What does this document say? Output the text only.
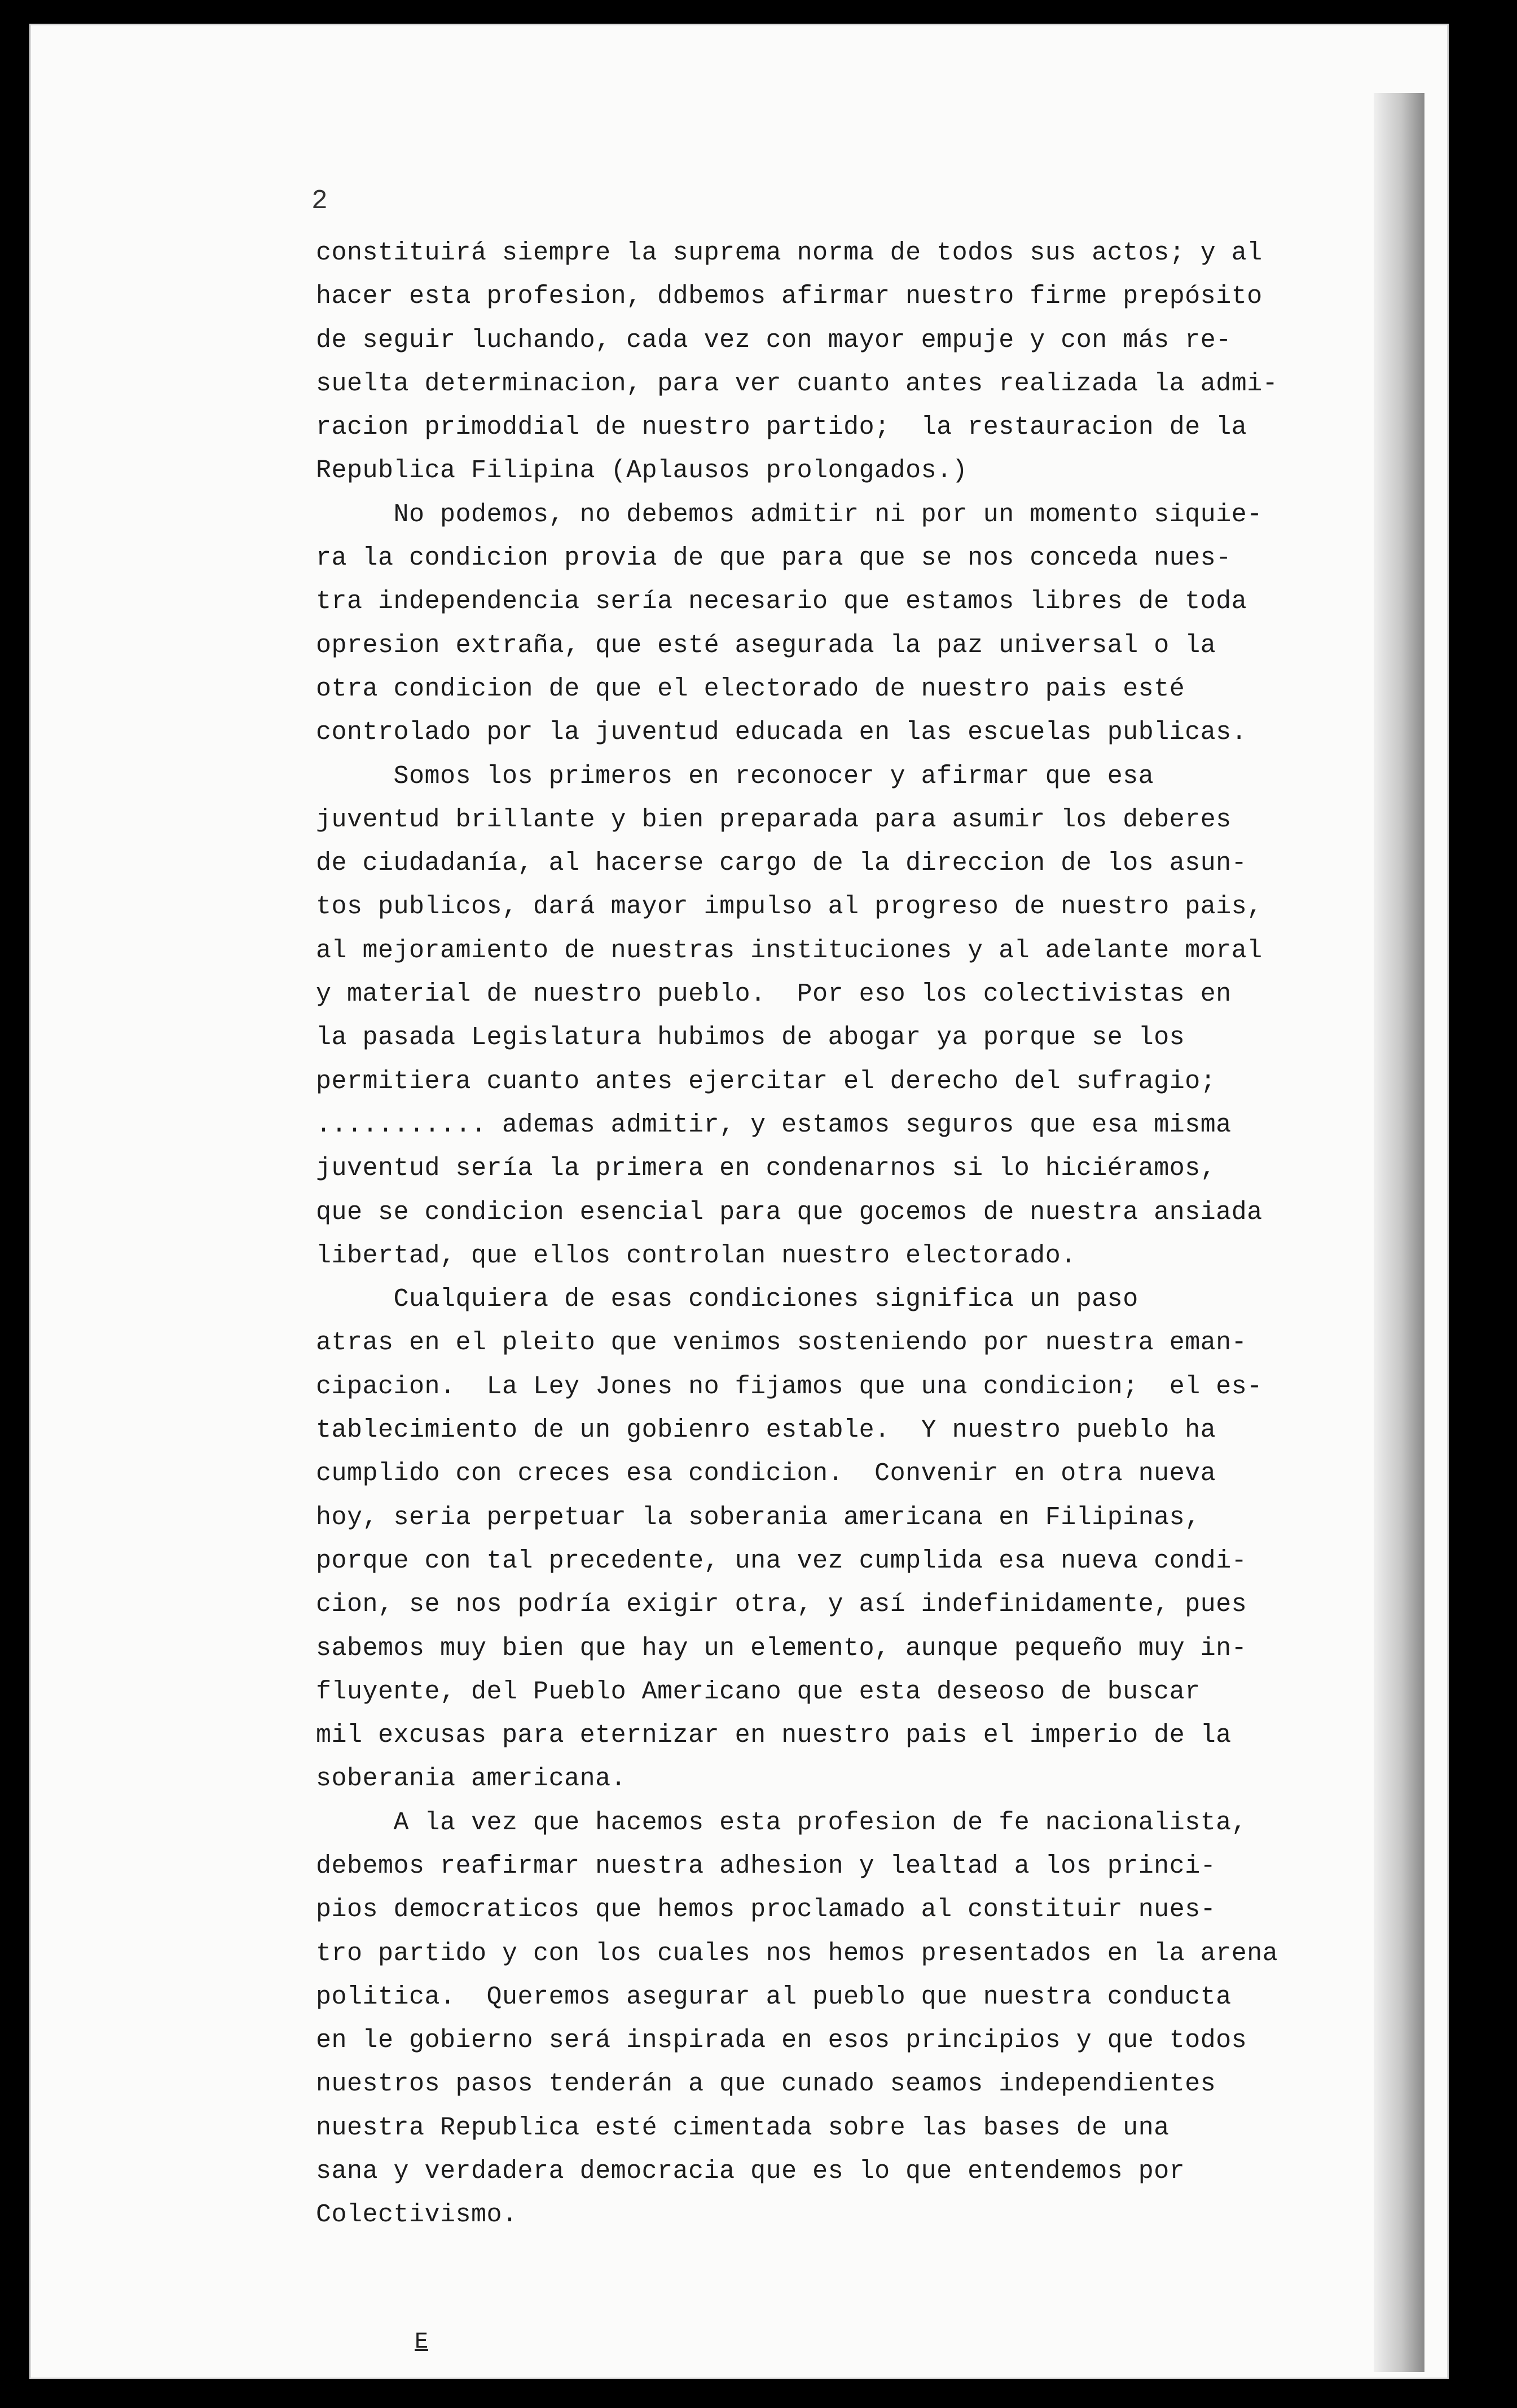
2
constituirá siempre la suprema norma de todos sus actos; y al
hacer esta profesion, ddbemos afirmar nuestro firme prepósito
de seguir luchando, cada vez con mayor empuje y con más re-
suelta determinacion, para ver cuanto antes realizada la admi-
racion primoddial de nuestro partido;  la restauracion de la
Republica Filipina (Aplausos prolongados.)
No podemos, no debemos admitir ni por un momento siquie-
ra la condicion provia de que para que se nos conceda nues-
tra independencia sería necesario que estamos libres de toda
opresion extraña, que esté asegurada la paz universal o la
otra condicion de que el electorado de nuestro pais esté
controlado por la juventud educada en las escuelas publicas.
Somos los primeros en reconocer y afirmar que esa
juventud brillante y bien preparada para asumir los deberes
de ciudadanía, al hacerse cargo de la direccion de los asun-
tos publicos, dará mayor impulso al progreso de nuestro pais,
al mejoramiento de nuestras instituciones y al adelante moral
y material de nuestro pueblo.  Por eso los colectivistas en
la pasada Legislatura hubimos de abogar ya porque se los
permitiera cuanto antes ejercitar el derecho del sufragio;
........... ademas admitir, y estamos seguros que esa misma
juventud sería la primera en condenarnos si lo hiciéramos,
que se condicion esencial para que gocemos de nuestra ansiada
libertad, que ellos controlan nuestro electorado.
Cualquiera de esas condiciones significa un paso
atras en el pleito que venimos sosteniendo por nuestra eman-
cipacion.  La Ley Jones no fijamos que una condicion;  el es-
tablecimiento de un gobienro estable.  Y nuestro pueblo ha
cumplido con creces esa condicion.  Convenir en otra nueva
hoy, seria perpetuar la soberania americana en Filipinas,
porque con tal precedente, una vez cumplida esa nueva condi-
cion, se nos podría exigir otra, y así indefinidamente, pues
sabemos muy bien que hay un elemento, aunque pequeño muy in-
fluyente, del Pueblo Americano que esta deseoso de buscar
mil excusas para eternizar en nuestro pais el imperio de la
soberania americana.
A la vez que hacemos esta profesion de fe nacionalista,
debemos reafirmar nuestra adhesion y lealtad a los princi-
pios democraticos que hemos proclamado al constituir nues-
tro partido y con los cuales nos hemos presentados en la arena
politica.  Queremos asegurar al pueblo que nuestra conducta
en le gobierno será inspirada en esos principios y que todos
nuestros pasos tenderán a que cunado seamos independientes
nuestra Republica esté cimentada sobre las bases de una
sana y verdadera democracia que es lo que entendemos por
Colectivismo.
E
